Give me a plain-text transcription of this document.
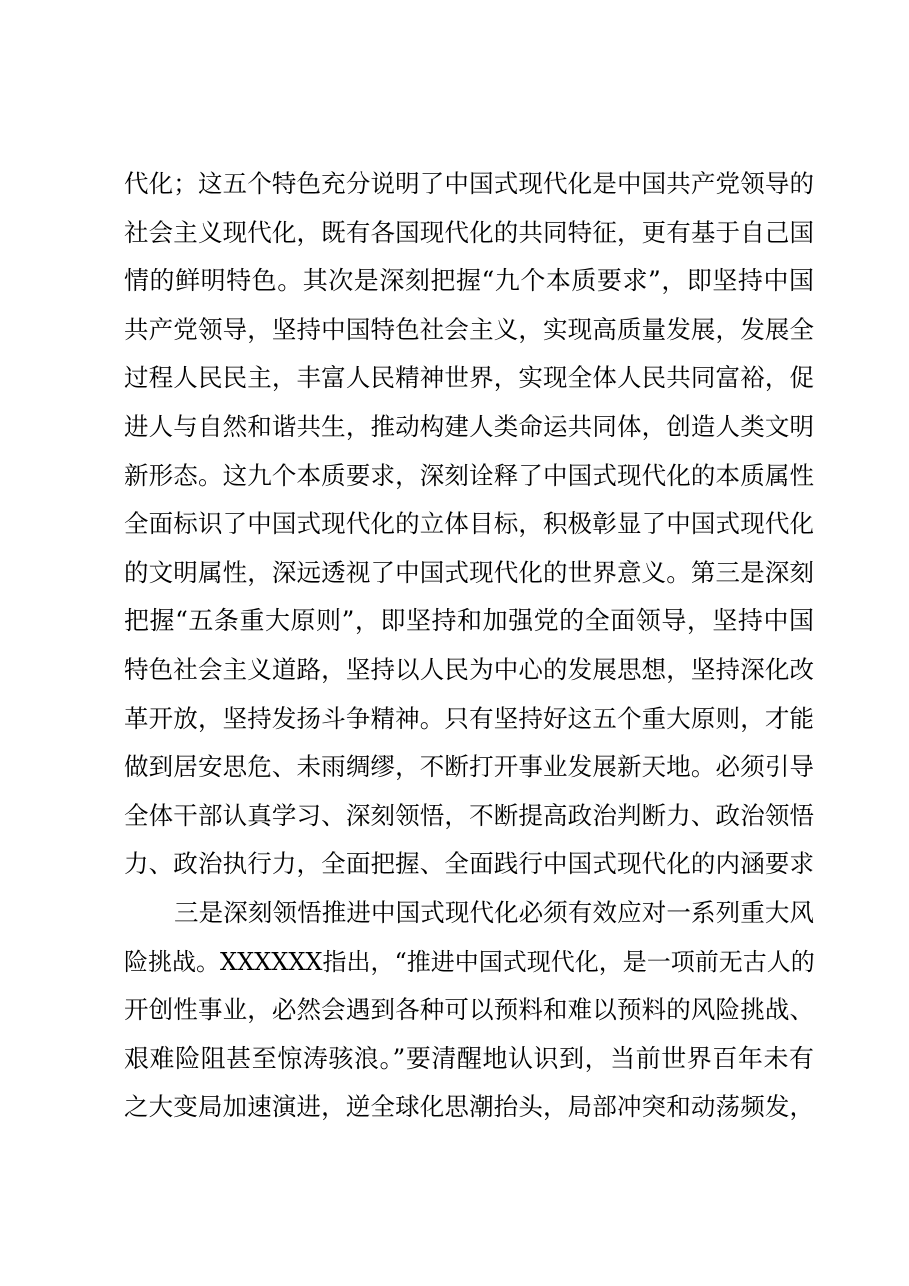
代化；这五个特色充分说明了中国式现代化是中国共产党领导的
社会主义现代化，既有各国现代化的共同特征，更有基于自己国
情的鲜明特色。其次是深刻把握“九个本质要求”，即坚持中国
共产党领导，坚持中国特色社会主义，实现高质量发展，发展全
过程人民民主，丰富人民精神世界，实现全体人民共同富裕，促
进人与自然和谐共生，推动构建人类命运共同体，创造人类文明
新形态。这九个本质要求，深刻诠释了中国式现代化的本质属性
全面标识了中国式现代化的立体目标，积极彰显了中国式现代化
的文明属性，深远透视了中国式现代化的世界意义。第三是深刻
把握“五条重大原则”，即坚持和加强党的全面领导，坚持中国
特色社会主义道路，坚持以人民为中心的发展思想，坚持深化改
革开放，坚持发扬斗争精神。只有坚持好这五个重大原则，才能
做到居安思危、未雨绸缪，不断打开事业发展新天地。必须引导
全体干部认真学习、深刻领悟，不断提高政治判断力、政治领悟
力、政治执行力，全面把握、全面践行中国式现代化的内涵要求
三是深刻领悟推进中国式现代化必须有效应对一系列重大风
险挑战。XXXXXX指出，“推进中国式现代化，是一项前无古人的
开创性事业，必然会遇到各种可以预料和难以预料的风险挑战、
艰难险阻甚至惊涛骇浪。”要清醒地认识到，当前世界百年未有
之大变局加速演进，逆全球化思潮抬头，局部冲突和动荡频发，
